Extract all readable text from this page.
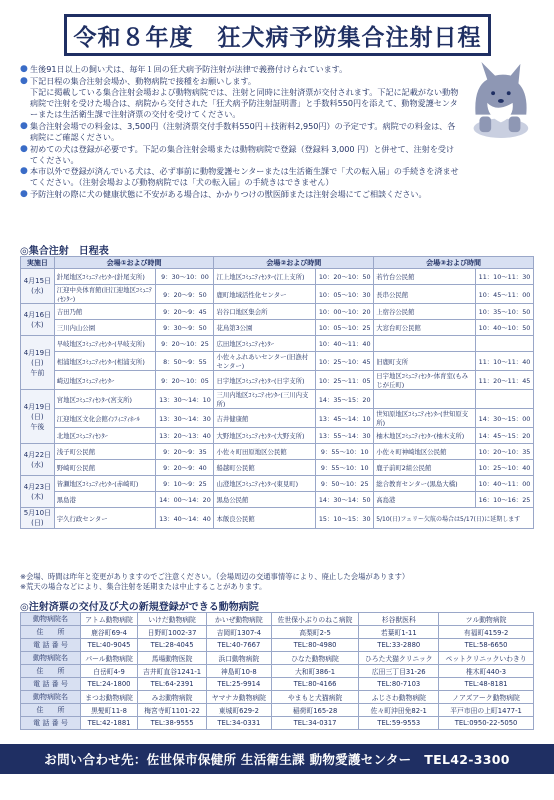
令和８年度　狂犬病予防集合注射日程
● 生後91日以上の飼い犬は、毎年１回の狂犬病予防注射が法律で義務付けられています。
● 下記日程の集合注射会場か、動物病院で接種をお願いします。
下記に掲載している集合注射会場および動物病院では、注射と同時に注射済票が交付されます。下記に記載がない動物病院で注射を受けた場合は、病院から交付された「狂犬病予防注射証明書」と手数料550円を添えて、動物愛護センターまたは生活衛生課で注射済票の交付を受けてください。
● 集合注射会場での料金は、3,500円（注射済票交付手数料550円＋技術料2,950円）の予定です。病院での料金は、各病院にご確認ください。
● 初めての犬は登録が必要です。下記の集合注射会場または動物病院で登録（登録料 3,000 円）と併せて、注射を受けてください。
● 本市以外で登録が済んでいる犬は、必ず事前に動物愛護センターまたは生活衛生課で「犬の転入届」の手続きを済ませてください。（注射会場および動物病院では「犬の転入届」の手続きはできません）
● 予防注射の際に犬の健康状態に不安がある場合は、かかりつけの獣医師または注射会場にてご相談ください。
◎集合注射　日程表
実施日	会場①および時間		会場②および時間		会場③および時間	
4月15日
(水)	針尾地区ｺﾐｭﾆﾃｨｾﾝﾀｰ(針尾支所)	9：30～10：00	江上地区ｺﾐｭﾆﾃｨｾﾝﾀｰ(江上支所)	10：20～10：50	若竹台公民館	11：10～11：30
	江迎中央体育館(旧江迎地区ｺﾐｭﾆﾃｨｾﾝﾀｰ)	9：20～9：50	鹿町地域活性化センター	10：05～10：30	長串公民館	10：45～11：00
4月16日
(木)	吉田乃館	9：20～9：45	岩谷口地区集会所	10：00～10：20	上宿谷公民館	10：35～10：50
	三川内山公園	9：30～9：50	花鳥第3公園	10：05～10：25	大窓台町公民館	10：40～10：50
4月19日
(日)
午前	早岐地区ｺﾐｭﾆﾃｨｾﾝﾀｰ(早岐支所)	9：20～10：25	広田地区ｺﾐｭﾆﾃｨｾﾝﾀｰ	10：40～11：40		
	相浦地区ｺﾐｭﾆﾃｨｾﾝﾀｰ(相浦支所)	8：50～9：55	小佐々ふれあいセンター(旧漁村センター)	10：25～10：45	旧鹿町支所	11：10～11：40
	崎辺地区ｺﾐｭﾆﾃｨｾﾝﾀｰ	9：20～10：05	日宇地区ｺﾐｭﾆﾃｨｾﾝﾀｰ(日宇支所)	10：25～11：05	日宇地区ｺﾐｭﾆﾃｨｾﾝﾀｰ体育室(もみじが丘町)	11：20～11：45
4月19日
(日)
午後	宮地区ｺﾐｭﾆﾃｨｾﾝﾀｰ(宮支所)	13：30～14：10	三川内地区ｺﾐｭﾆﾃｨｾﾝﾀｰ(三川内支所)	14：35～15：20		
	江迎地区文化会館ｲﾝﾌｨﾆﾃｨﾎｰﾙ	13：30～14：30	吉井健康館	13：45～14：10	世知原地区ｺﾐｭﾆﾃｨｾﾝﾀｰ(世知原支所)	14：30～15：00
	北地区ｺﾐｭﾆﾃｨｾﾝﾀｰ	13：20～13：40	大野地区ｺﾐｭﾆﾃｨｾﾝﾀｰ(大野支所)	13：55～14：30	柚木地区ｺﾐｭﾆﾃｨｾﾝﾀｰ(柚木支所)	14：45～15：20
4月22日
(水)	浅子町公民館	9：20～9：35	小佐々町田原地区公民館	9：55～10：10	小佐々町神崎地区公民館	10：20～10：35
	野崎町公民館	9：20～9：40	船越町公民館	9：55～10：10	鹿子前町2組公民館	10：25～10：40
4月23日
(木)	皆瀬地区ｺﾐｭﾆﾃｨｾﾝﾀｰ(赤崎町)	9：10～9：25	山澄地区ｺﾐｭﾆﾃｨｾﾝﾀｰ(東見町)	9：50～10：25	総合教育センター(黒島大橋)	10：40～11：00
	黒島港	14：00～14：20	黒島公民館	14：30～14：50	高島港	16：10～16：25
5月10日
(日)	宇久行政センター	13：40～14：40	本飯良公民館	15：10～15：30	5/10(日)フェリー欠航の場合は5/17(日)に延期します	
※会場、時間は昨年と変更がありますのでご注意ください。（会場周辺の交通事情等により、廃止した会場があります）
※荒天の場合などにより、集合注射を延期または中止することがあります。
◎注射済票の交付及び犬の新規登録ができる動物病院
動物病院名	アトム動物病院	いけだ動物病院	かいぜ動物病院	佐世保小ぶりのねこ病院	杉谷獣医科	ツル動物病院
住　　所	鹿谷町69-4	日野町1002-37	吉岡町1307-4	高梨町2-5	若葉町1-11	有福町4159-2
電 話 番 号	TEL:40-9045	TEL:28-4045	TEL:40-7667	TEL:80-4980	TEL:33-2880	TEL:58-6650
動物病院名	パール動物病院	馬場動物医院	浜口動物病院	ひなた動物病院	ひろた犬猫クリニック	ペットクリニックいわきり
住　　所	白岳町4-9	吉井町直谷1241-1	神島町10-8	大和町386-1	広田三丁目31-26	椎木町440-3
電 話 番 号	TEL:24-1800	TEL:64-2391	TEL:25-9914	TEL:80-4166	TEL:80-7103	TEL:48-8181
動物病院名	まつお動物病院	みお動物病院	ヤマナカ動物病院	やまもと犬猫病院	ふじさわ動物病院	ノアズアーク動物病院
住　　所	黒髪町11-8	梅宮寺町1101-22	東城町629-2	稲荷町165-28	佐々町沖田免82-1	平戸市田の上町1477-1
電 話 番 号	TEL:42-1881	TEL:38-9555	TEL:34-0331	TEL:34-0317	TEL:59-9553	TEL:0950-22-5050
お問い合わせ先：佐世保市保健所 生活衛生課 動物愛護センター　TEL42-3300
